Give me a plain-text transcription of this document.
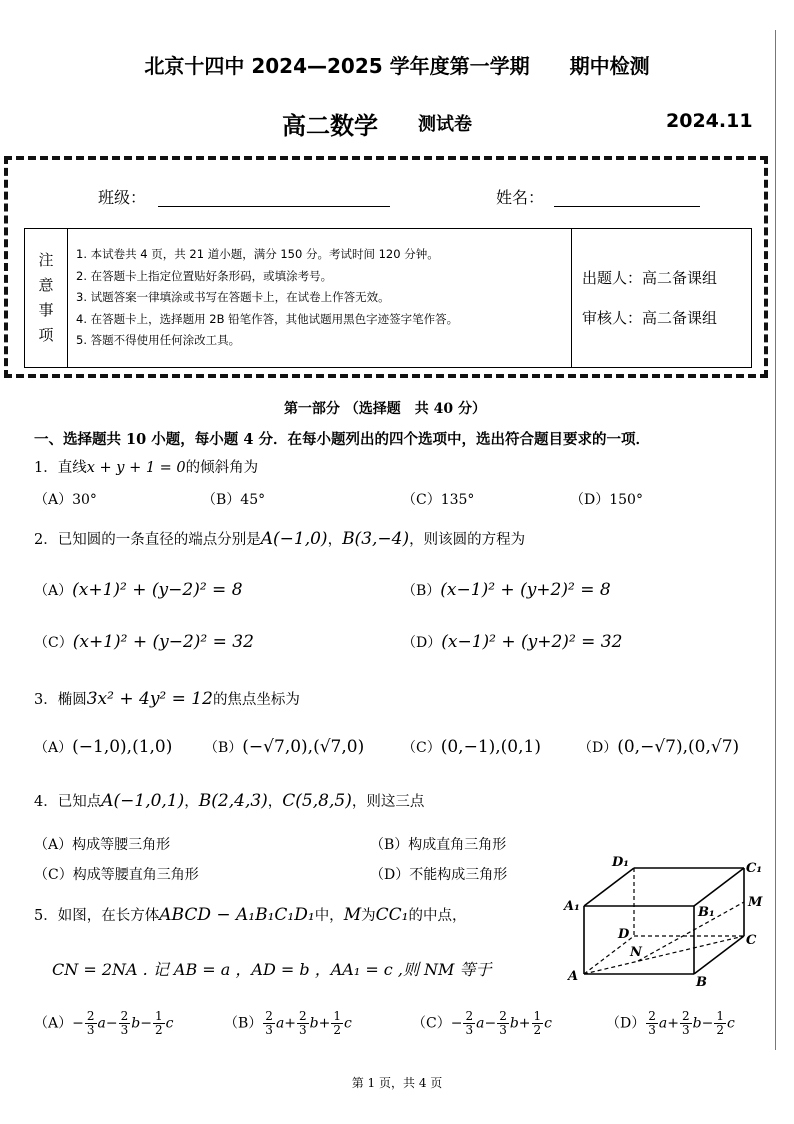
北京十四中 2024—2025 学年度第一学期 期中检测
高二数学 测试卷	2024.11
班级：	姓名：
注
意
事
项

1. 本试卷共 4 页，共 21 道小题，满分 150 分。考试时间 120 分钟。
2. 在答题卡上指定位置贴好条形码，或填涂考号。
3. 试题答案一律填涂或书写在答题卡上，在试卷上作答无效。
4. 在答题卡上，选择题用 2B 铅笔作答，其他试题用黑色字迹签字笔作答。
5. 答题不得使用任何涂改工具。

出题人：高二备课组
审核人：高二备课组
第一部分 （选择题　共 40 分）
一、选择题共 10 小题，每小题 4 分．在每小题列出的四个选项中，选出符合题目要求的一项．
1．直线x + y + 1 = 0的倾斜角为
（A）30°	（B）45°	（C）135°	（D）150°
2．已知圆的一条直径的端点分别是A(−1,0)，B(3,−4)，则该圆的方程为
（A）(x+1)² + (y−2)² = 8	（B）(x−1)² + (y+2)² = 8
（C）(x+1)² + (y−2)² = 32	（D）(x−1)² + (y+2)² = 32
3．椭圆3x² + 4y² = 12的焦点坐标为
（A）(−1,0),(1,0) （B）(−√7,0),(√7,0)	（C）(0,−1),(0,1)	（D）(0,−√7),(0,√7)
4．已知点A(−1,0,1)，B(2,4,3)，C(5,8,5)，则这三点
（A）构成等腰三角形	（B）构成直角三角形
（C）构成等腰直角三角形	（D）不能构成三角形
5．如图，在长方体ABCD − A₁B₁C₁D₁中，M为CC₁的中点，
CN = 2NA . 记 AB = a ，AD = b ，AA₁ = c ,则 NM 等于
$(A)- \frac{2}{3} a- \frac{2}{3} b- \frac{1}{2}$ c	$(B) \frac{2}{3} a+ \frac{2}{3} b+ \frac{1}{2}$ c	$(C)- \frac{2}{3} a- \frac{2}{3} b+ \frac{1}{2}$ c	$(D) \frac{2}{3} a+ \frac{2}{3} b- \frac{1}{2}$ c
D₁	C₁
A₁	B₁
M
D	C
N
A	B
第 1 页，共 4 页
